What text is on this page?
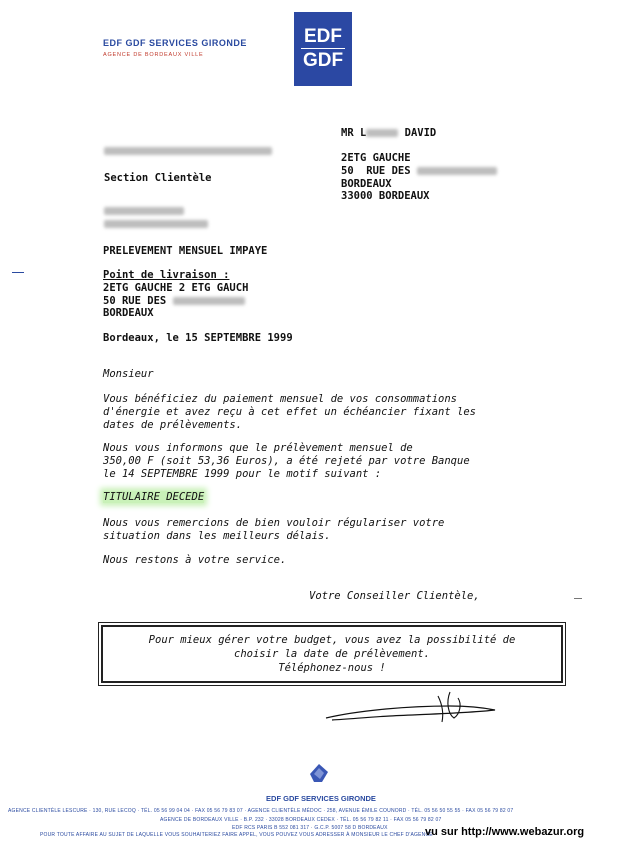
EDF GDF SERVICES GIRONDE
AGENCE DE BORDEAUX VILLE
EDF
GDF
Section Clientèle
MR L	DAVID
2ETG GAUCHE
50  RUE DES
BORDEAUX
33000 BORDEAUX
PRELEVEMENT MENSUEL IMPAYE
Point de livraison :
2ETG GAUCHE 2 ETG GAUCH
50 RUE DES
BORDEAUX
Bordeaux, le 15 SEPTEMBRE 1999
Monsieur
Vous bénéficiez du paiement mensuel de vos consommations
d'énergie et avez reçu à cet effet un échéancier fixant les
dates de prélèvements.
Nous vous informons que le prélèvement mensuel de
350,00 F (soit 53,36 Euros), a été rejeté par votre Banque
le 14 SEPTEMBRE 1999 pour le motif suivant :
TITULAIRE DECEDE
Nous vous remercions de bien vouloir régulariser votre
situation dans les meilleurs délais.
Nous restons à votre service.
Votre Conseiller Clientèle,
Pour mieux gérer votre budget, vous avez la possibilité de
choisir la date de prélèvement.
Téléphonez-nous !
EDF GDF SERVICES GIRONDE
AGENCE CLIENTÈLE LESCURE · 130, RUE LECOQ · TÉL. 05 56 99 04 04 · FAX 05 56 79 83 07 · AGENCE CLIENTÈLE MÉDOC · 258, AVENUE ÉMILE COUNORD · TÉL. 05 56 50 55 55 · FAX 05 56 79 82 07
AGENCE DE BORDEAUX VILLE · B.P. 232 · 33028 BORDEAUX CEDEX · TÉL. 05 56 79 82 11 · FAX 05 56 79 82 07
EDF RCS PARIS B 552 081 317 · G.C.P. 5007 58 D BORDEAUX
POUR TOUTE AFFAIRE AU SUJET DE LAQUELLE VOUS SOUHAITERIEZ FAIRE APPEL, VOUS POUVEZ VOUS ADRESSER À MONSIEUR LE CHEF D'AGENCE
vu sur http://www.webazur.org
